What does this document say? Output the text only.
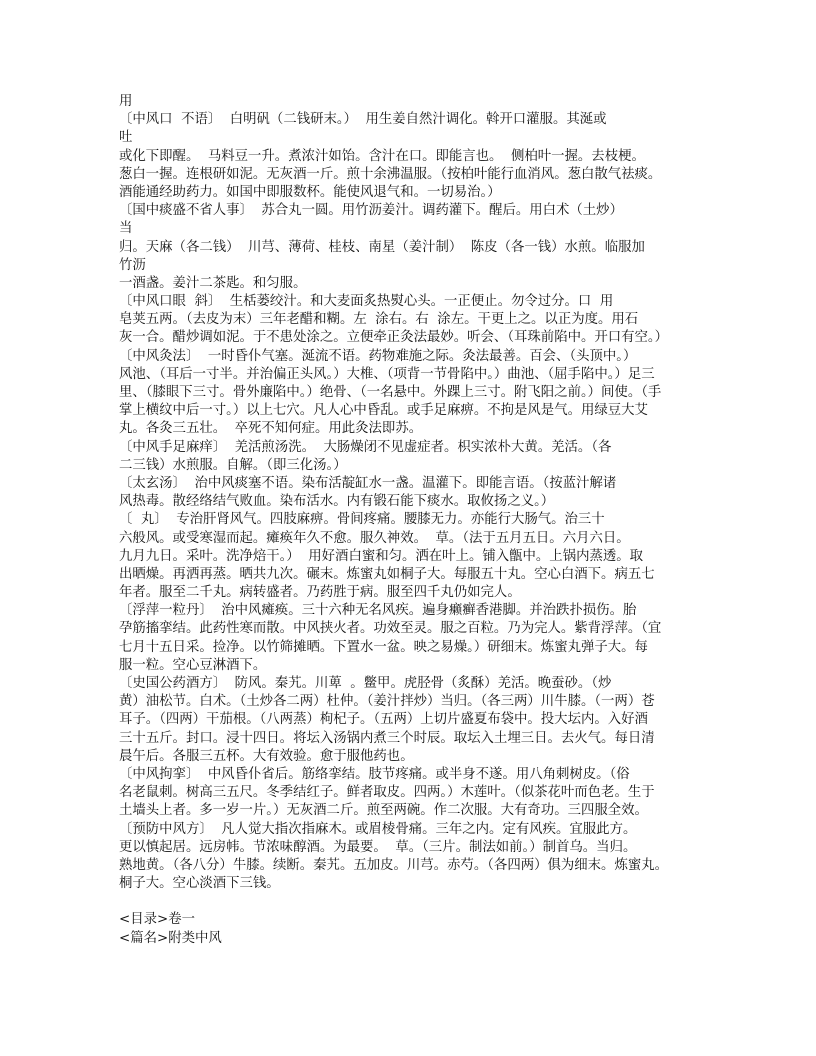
用
〔中风口  不语〕  白明矾（二钱研末。）  用生姜自然汁调化。斡开口灌服。其涎或
吐
或化下即醒。  马料豆一升。煮浓汁如饴。含汁在口。即能言也。  侧柏叶一握。去枝梗。
葱白一握。连根研如泥。无灰酒一斤。煎十余沸温服。（按柏叶能行血消风。葱白散气祛痰。
酒能通经助药力。如国中即服数杯。能使风退气和。一切易治。）
〔国中痰盛不省人事〕  苏合丸一圆。用竹沥姜汁。调药灌下。醒后。用白术（土炒）
当
归。天麻（各二钱）  川芎、薄荷、桂枝、南星（姜汁制）  陈皮（各一钱）水煎。临服加
竹沥
一酒盏。姜汁二茶匙。和匀服。
〔中风口眼  斜〕  生栝蒌绞汁。和大麦面炙热熨心头。一正便止。勿令过分。口  用
皂荚五两。（去皮为末）三年老醋和糊。左  涂右。右  涂左。干更上之。以正为度。用石
灰一合。醋炒调如泥。于不患处涂之。立便牵正灸法最妙。听会、（耳珠前陷中。开口有空。）
〔中风灸法〕  一时昏仆气塞。涎流不语。药物难施之际。灸法最善。百会、（头顶中。）
风池、（耳后一寸半。并治偏正头风。）大椎、（项背一节骨陷中。）曲池、（屈手陷中。）足三
里、（膝眼下三寸。骨外廉陷中。）绝骨、（一名悬中。外踝上三寸。附飞阳之前。）间使。（手
掌上横纹中后一寸。）以上七穴。凡人心中昏乱。或手足麻痹。不拘是风是气。用绿豆大艾
丸。各灸三五壮。  卒死不知何症。用此灸法即苏。
〔中风手足麻痒〕  羌活煎汤洗。  大肠燥闭不见虚症者。枳实浓朴大黄。羌活。（各
二三钱）水煎服。自解。（即三化汤。）
〔太玄汤〕  治中风痰塞不语。染布活靛缸水一盏。温灌下。即能言语。（按蓝汁解诸
风热毒。散经络结气败血。染布活水。内有锻石能下痰水。取攸扬之义。）
〔  丸〕  专治肝肾风气。四肢麻痹。骨间疼痛。腰膝无力。亦能行大肠气。治三十
六般风。或受寒湿而起。瘫痪年久不愈。服久神效。  草。（法于五月五日。六月六日。
九月九日。采叶。洗净焙干。）  用好酒白蜜和匀。洒在叶上。铺入甑中。上锅内蒸透。取
出晒燥。再洒再蒸。晒共九次。碾末。炼蜜丸如桐子大。每服五十丸。空心白酒下。病五七
年者。服至二千丸。病转盛者。乃药胜于病。服至四千丸仍如完人。
〔浮萍一粒丹〕  治中风瘫痪。三十六种无名风疾。遍身癞癣香港脚。并治跌扑损伤。胎
孕筋搐挛结。此药性寒而散。中风挟火者。功效至灵。服之百粒。乃为完人。紫背浮萍。（宜
七月十五日采。捡净。以竹筛摊晒。下置水一盆。映之易燥。）研细末。炼蜜丸弹子大。每
服一粒。空心豆淋酒下。
〔史国公药酒方〕  防风。秦艽。川萆  。鳖甲。虎胫骨（炙酥）羌活。晚蚕砂。（炒
黄）油松节。白术。（土炒各二两）杜仲。（姜汁拌炒）当归。（各三两）川牛膝。（一两）苍
耳子。（四两）干茄根。（八两蒸）枸杞子。（五两）上切片盛夏布袋中。投大坛内。入好酒
三十五斤。封口。浸十四日。将坛入汤锅内煮三个时辰。取坛入土埋三日。去火气。每日清
晨午后。各服三五杯。大有效验。愈于服他药也。
〔中风拘挛〕  中风昏仆省后。筋络挛结。肢节疼痛。或半身不遂。用八角刺树皮。（俗
名老鼠刺。树高三五尺。冬季结红子。鲜者取皮。四两。）木莲叶。（似茶花叶而色老。生于
土墙头上者。多一岁一片。）无灰酒二斤。煎至两碗。作二次服。大有奇功。三四服全效。
〔预防中风方〕  凡人觉大指次指麻木。或眉棱骨痛。三年之内。定有风疾。宜服此方。
更以慎起居。远房帏。节浓味醇酒。为最要。  草。（三片。制法如前。）制首乌。当归。
熟地黄。（各八分）牛膝。续断。秦艽。五加皮。川芎。赤芍。（各四两）俱为细末。炼蜜丸。
桐子大。空心淡酒下三钱。
<目录>卷一
<篇名>附类中风
